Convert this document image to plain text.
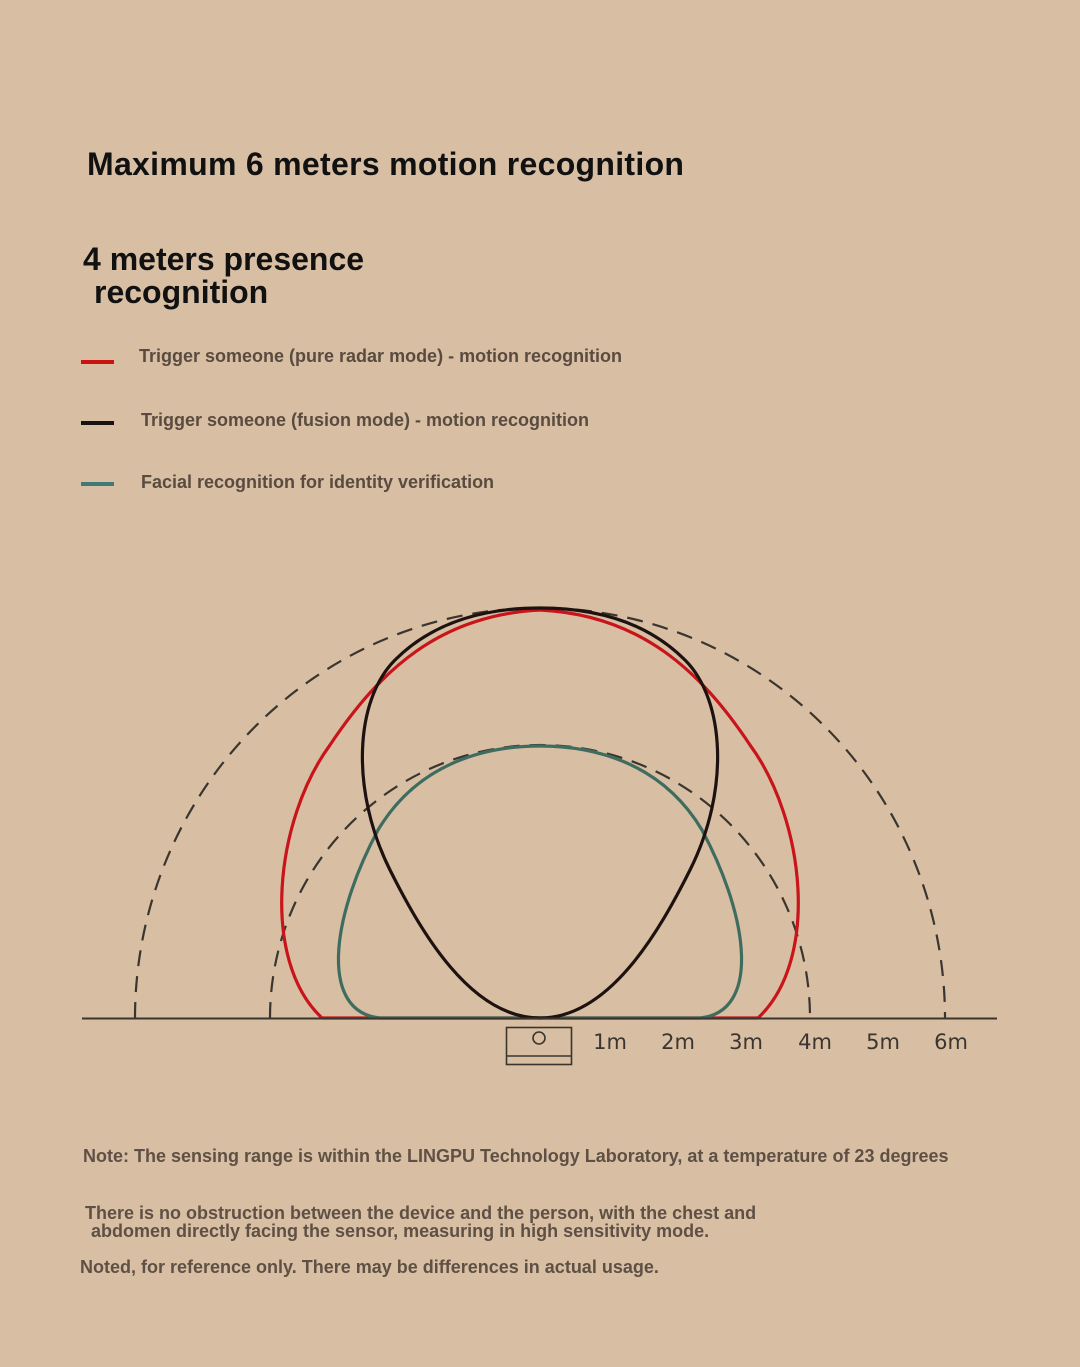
Maximum 6 meters motion recognition
4 meters presence
recognition
Trigger someone (pure radar mode) - motion recognition
Trigger someone (fusion mode) - motion recognition
Facial recognition for identity verification
1m 2m 3m 4m 5m 6m
Note: The sensing range is within the LINGPU Technology Laboratory, at a temperature of 23 degrees
There is no obstruction between the device and the person, with the chest and
abdomen directly facing the sensor, measuring in high sensitivity mode.
Noted, for reference only. There may be differences in actual usage.
